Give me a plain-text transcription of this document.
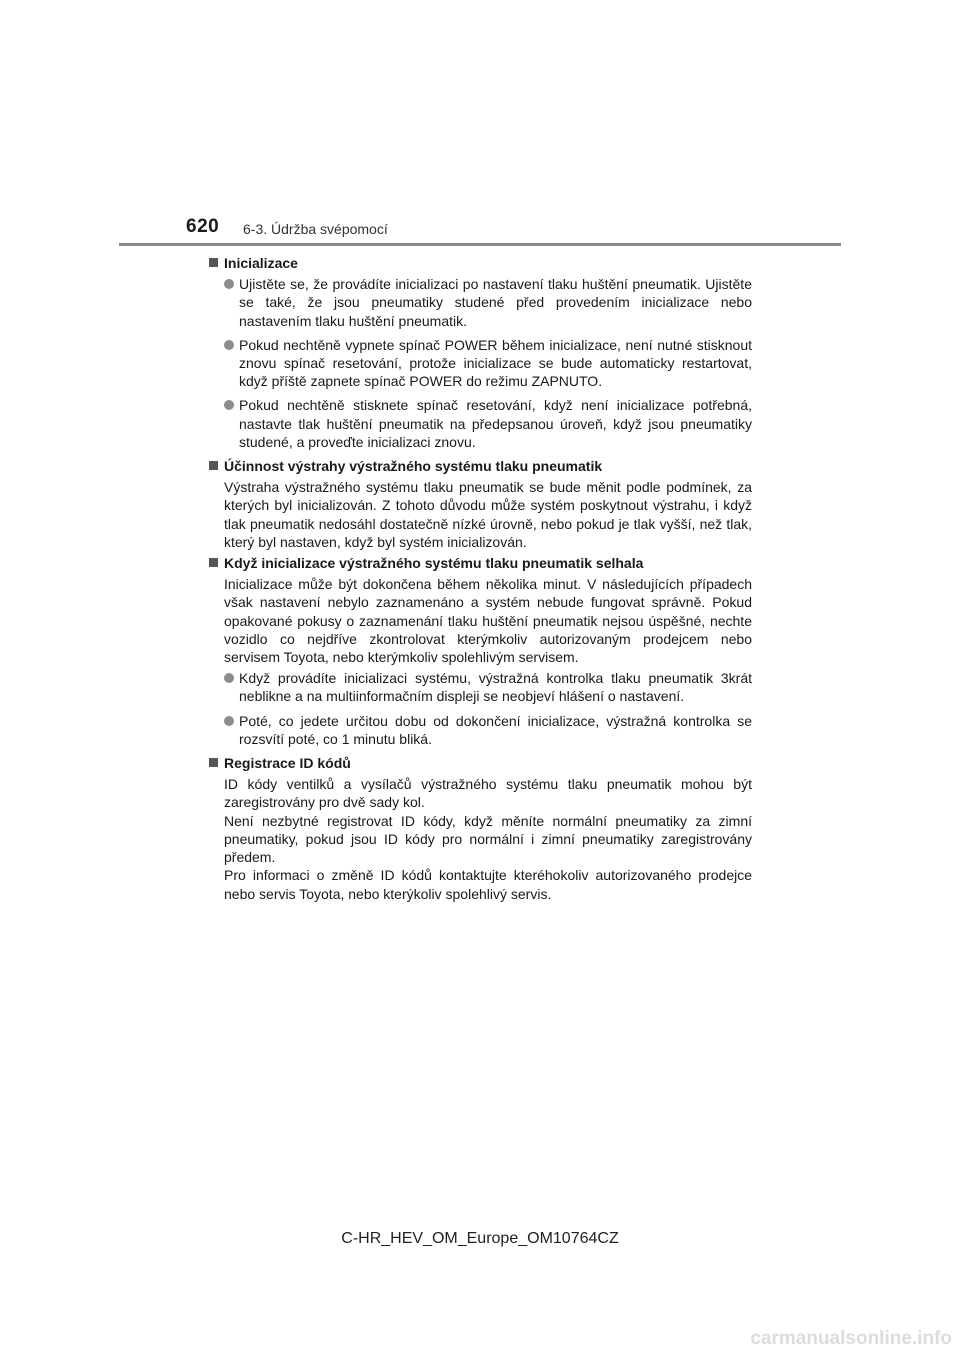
620 6-3. Údržba svépomocí
Inicializace
Ujistěte se, že provádíte inicializaci po nastavení tlaku huštění pneumatik. Ujistěte se také, že jsou pneumatiky studené před provedením inicializace nebo nastavením tlaku huštění pneumatik.
Pokud nechtěně vypnete spínač POWER během inicializace, není nutné stisknout znovu spínač resetování, protože inicializace se bude automaticky restartovat, když příště zapnete spínač POWER do režimu ZAPNUTO.
Pokud nechtěně stisknete spínač resetování, když není inicializace potřebná, nastavte tlak huštění pneumatik na předepsanou úroveň, když jsou pneumatiky studené, a proveďte inicializaci znovu.
Účinnost výstrahy výstražného systému tlaku pneumatik
Výstraha výstražného systému tlaku pneumatik se bude měnit podle podmínek, za kterých byl inicializován. Z tohoto důvodu může systém poskytnout výstrahu, i když tlak pneumatik nedosáhl dostatečně nízké úrovně, nebo pokud je tlak vyšší, než tlak, který byl nastaven, když byl systém inicializován.
Když inicializace výstražného systému tlaku pneumatik selhala
Inicializace může být dokončena během několika minut. V následujících případech však nastavení nebylo zaznamenáno a systém nebude fungovat správně. Pokud opakované pokusy o zaznamenání tlaku huštění pneumatik nejsou úspěšné, nechte vozidlo co nejdříve zkontrolovat kterýmkoliv autorizovaným prodejcem nebo servisem Toyota, nebo kterýmkoliv spolehlivým servisem.
Když provádíte inicializaci systému, výstražná kontrolka tlaku pneumatik 3krát neblikne a na multiinformačním displeji se neobjeví hlášení o nastavení.
Poté, co jedete určitou dobu od dokončení inicializace, výstražná kontrolka se rozsvítí poté, co 1 minutu bliká.
Registrace ID kódů
ID kódy ventilků a vysílačů výstražného systému tlaku pneumatik mohou být zaregistrovány pro dvě sady kol.
Není nezbytné registrovat ID kódy, když měníte normální pneumatiky za zimní pneumatiky, pokud jsou ID kódy pro normální i zimní pneumatiky zaregistrovány předem.
Pro informaci o změně ID kódů kontaktujte kteréhokoliv autorizovaného prodejce nebo servis Toyota, nebo kterýkoliv spolehlivý servis.
C-HR_HEV_OM_Europe_OM10764CZ
carmanualsonline.info
